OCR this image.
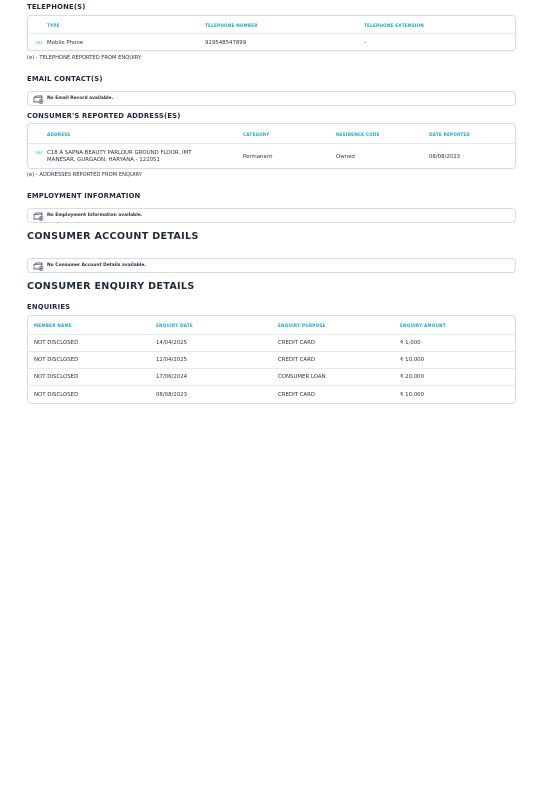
TELEPHONE(S)
TYPE	TELEPHONE NUMBER	TELEPHONE EXTENSION
(e) Mobile Phone	919548547899	-
(e) - TELEPHONE REPORTED FROM ENQUIRY
EMAIL CONTACT(S)
No Email Record available.
CONSUMER'S REPORTED ADDRESS(ES)
ADDRESS	CATEGORY	RESIDENCE CODE	DATE REPORTED
(e) C18 A SAPNA BEAUTY PARLOUR GROUND FLOOR, IMT
MANESAR, GURGAON, HARYANA - 122051	Permanent	Owned	08/08/2023
(e) - ADDRESSES REPORTED FROM ENQUIRY
EMPLOYMENT INFORMATION
No Employment Information available.
CONSUMER ACCOUNT DETAILS
No Consumer Account Details available.
CONSUMER ENQUIRY DETAILS
ENQUIRIES
MEMBER NAME	ENQUIRY DATE	ENQUIRY PURPOSE	ENQUIRY AMOUNT
NOT DISCLOSED	14/04/2025	CREDIT CARD	₹ 1,000
NOT DISCLOSED	12/04/2025	CREDIT CARD	₹ 10,000
NOT DISCLOSED	17/06/2024	CONSUMER LOAN	₹ 20,000
NOT DISCLOSED	08/08/2023	CREDIT CARD	₹ 10,000
